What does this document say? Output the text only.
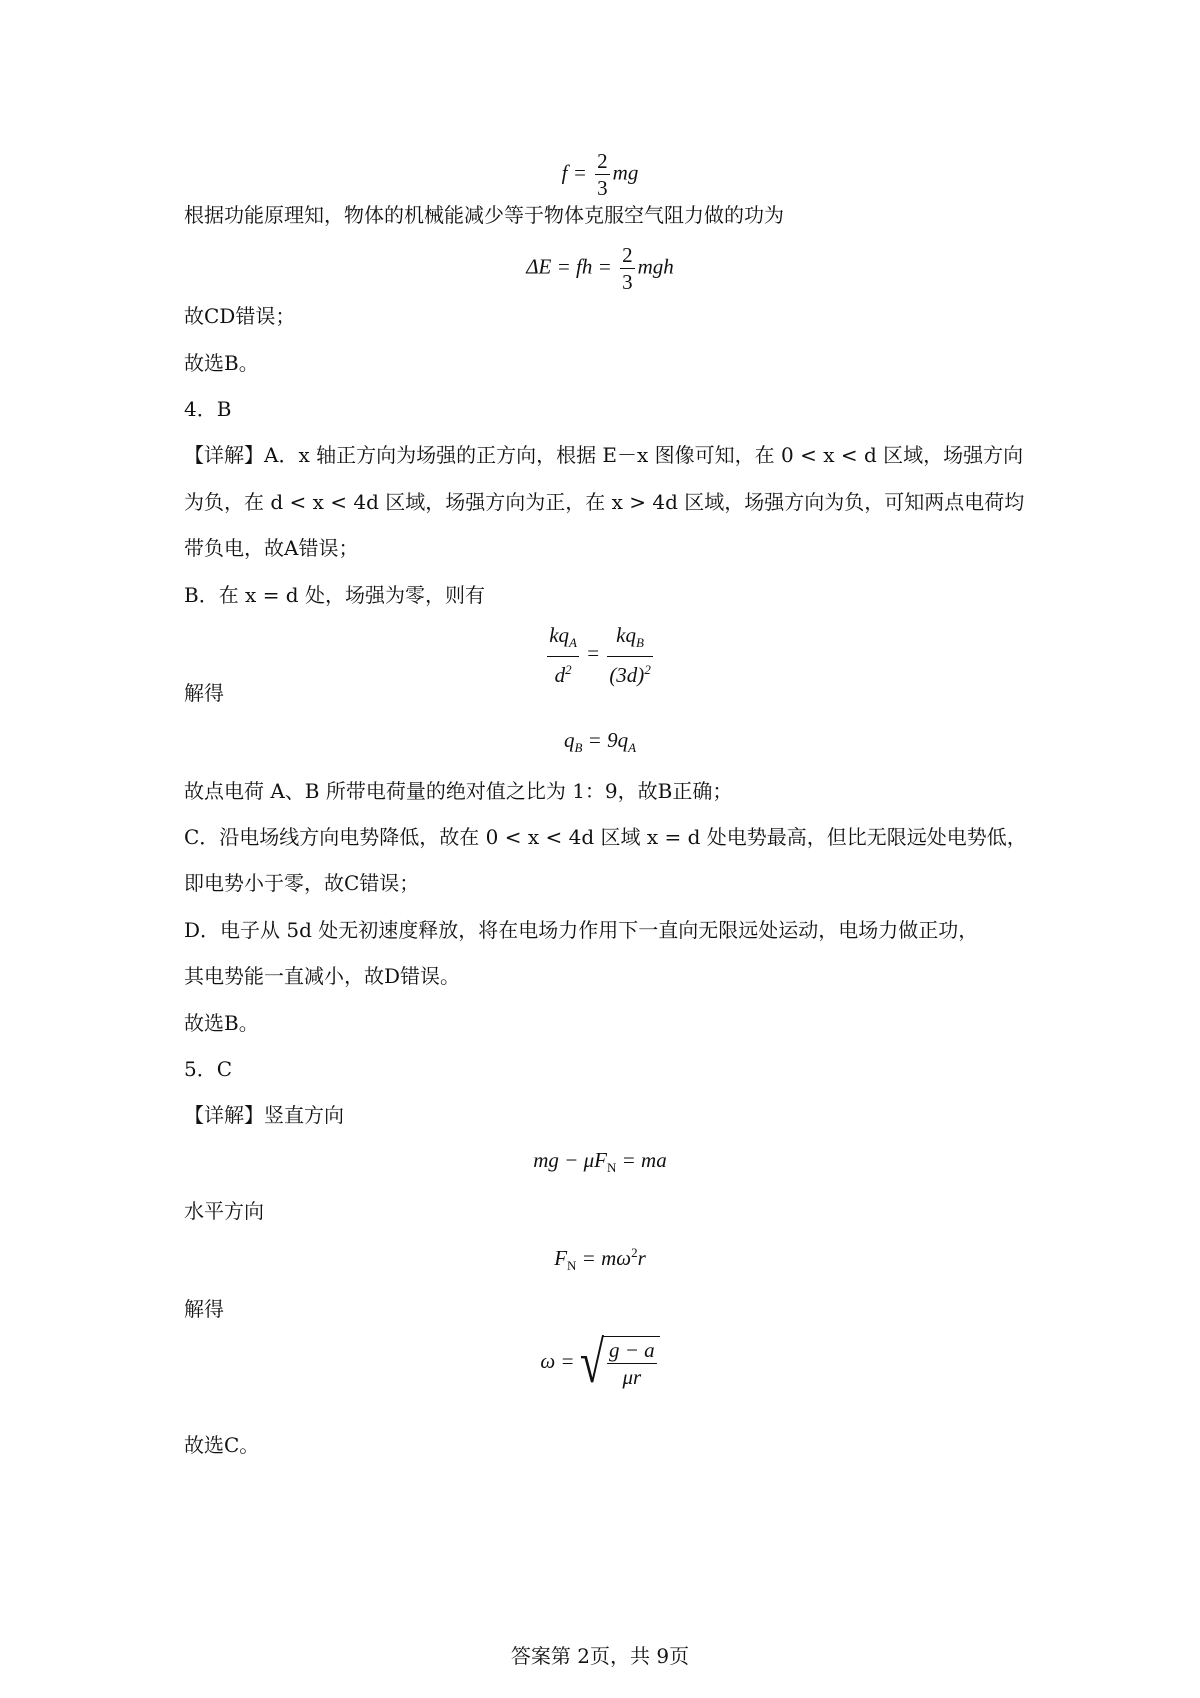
$f = \frac{2}{3}$ mg
根据功能原理知，物体的机械能减少等于物体克服空气阻力做的功为
ΔE = fh = $\frac{2}{3}$ mgh
故CD错误；
故选B。
4．B
【详解】A．x 轴正方向为场强的正方向，根据 E－x 图像可知，在 0 < x < d 区域，场强方向
为负，在 d < x < 4d 区域，场强方向为正，在 x > 4d 区域，场强方向为负，可知两点电荷均
带负电，故A错误；
B．在 x = d 处，场强为零，则有
$\frac{kq_A}{d^2} = \frac{kq_B}{(3d)^2}$
解得
$q_B = 9q_A$
故点电荷 A、B 所带电荷量的绝对值之比为 1：9，故B正确；
C．沿电场线方向电势降低，故在 0 < x < 4d 区域 x = d 处电势最高，但比无限远处电势低，
即电势小于零，故C错误；
D．电子从 5d 处无初速度释放，将在电场力作用下一直向无限远处运动，电场力做正功，
其电势能一直减小，故D错误。
故选B。
5．C
【详解】竖直方向
mg − $\mu F_N$ = ma
水平方向
$F_N = m\omega^2r$
解得
ω = √ $\frac{g - a}{\mu r}$
故选C。
答案第 2页，共 9页
